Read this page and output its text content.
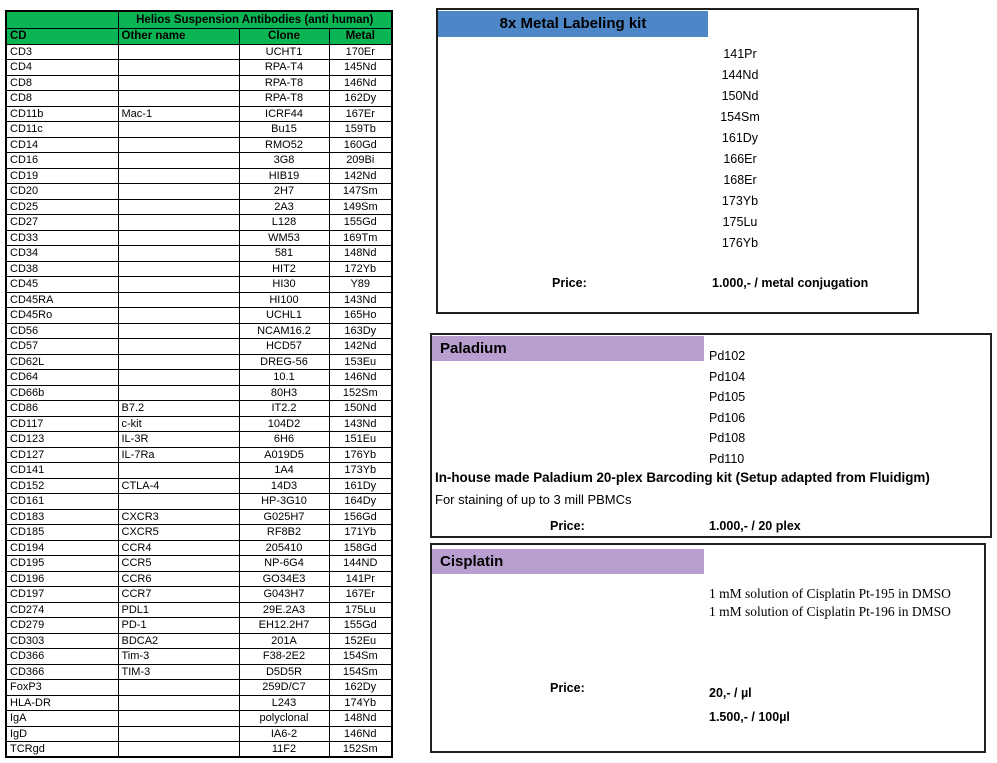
	Helios Suspension Antibodies (anti human)		
CD	Other name	Clone	Metal
CD3		UCHT1	170Er
CD4		RPA-T4	145Nd
CD8		RPA-T8	146Nd
CD8		RPA-T8	162Dy
CD11b	Mac-1	ICRF44	167Er
CD11c		Bu15	159Tb
CD14		RMO52	160Gd
CD16		3G8	209Bi
CD19		HIB19	142Nd
CD20		2H7	147Sm
CD25		2A3	149Sm
CD27		L128	155Gd
CD33		WM53	169Tm
CD34		581	148Nd
CD38		HIT2	172Yb
CD45		HI30	Y89
CD45RA		HI100	143Nd
CD45Ro		UCHL1	165Ho
CD56		NCAM16.2	163Dy
CD57		HCD57	142Nd
CD62L		DREG-56	153Eu
CD64		10.1	146Nd
CD66b		80H3	152Sm
CD86	B7.2	IT2.2	150Nd
CD117	c-kit	104D2	143Nd
CD123	IL-3R	6H6	151Eu
CD127	IL-7Ra	A019D5	176Yb
CD141		1A4	173Yb
CD152	CTLA-4	14D3	161Dy
CD161		HP-3G10	164Dy
CD183	CXCR3	G025H7	156Gd
CD185	CXCR5	RF8B2	171Yb
CD194	CCR4	205410	158Gd
CD195	CCR5	NP-6G4	144ND
CD196	CCR6	GO34E3	141Pr
CD197	CCR7	G043H7	167Er
CD274	PDL1	29E.2A3	175Lu
CD279	PD-1	EH12.2H7	155Gd
CD303	BDCA2	201A	152Eu
CD366	Tim-3	F38-2E2	154Sm
CD366	TIM-3	D5D5R	154Sm
FoxP3		259D/C7	162Dy
HLA-DR		L243	174Yb
IgA		polyclonal	148Nd
IgD		IA6-2	146Nd
TCRgd		11F2	152Sm
8x Metal Labeling kit
141Pr
144Nd
150Nd
154Sm
161Dy
166Er
168Er
173Yb
175Lu
176Yb
Price:	1.000,- / metal conjugation
Paladium	Pd102
Pd104
Pd105
Pd106
Pd108
Pd110
In-house made Paladium 20-plex Barcoding kit (Setup adapted from Fluidigm)
For staining of up to 3 mill PBMCs
Price:	1.000,- / 20 plex
Cisplatin
1 mM solution of Cisplatin Pt-195 in DMSO
1 mM solution of Cisplatin Pt-196 in DMSO
Price:	20,- / µl
1.500,- / 100µl
